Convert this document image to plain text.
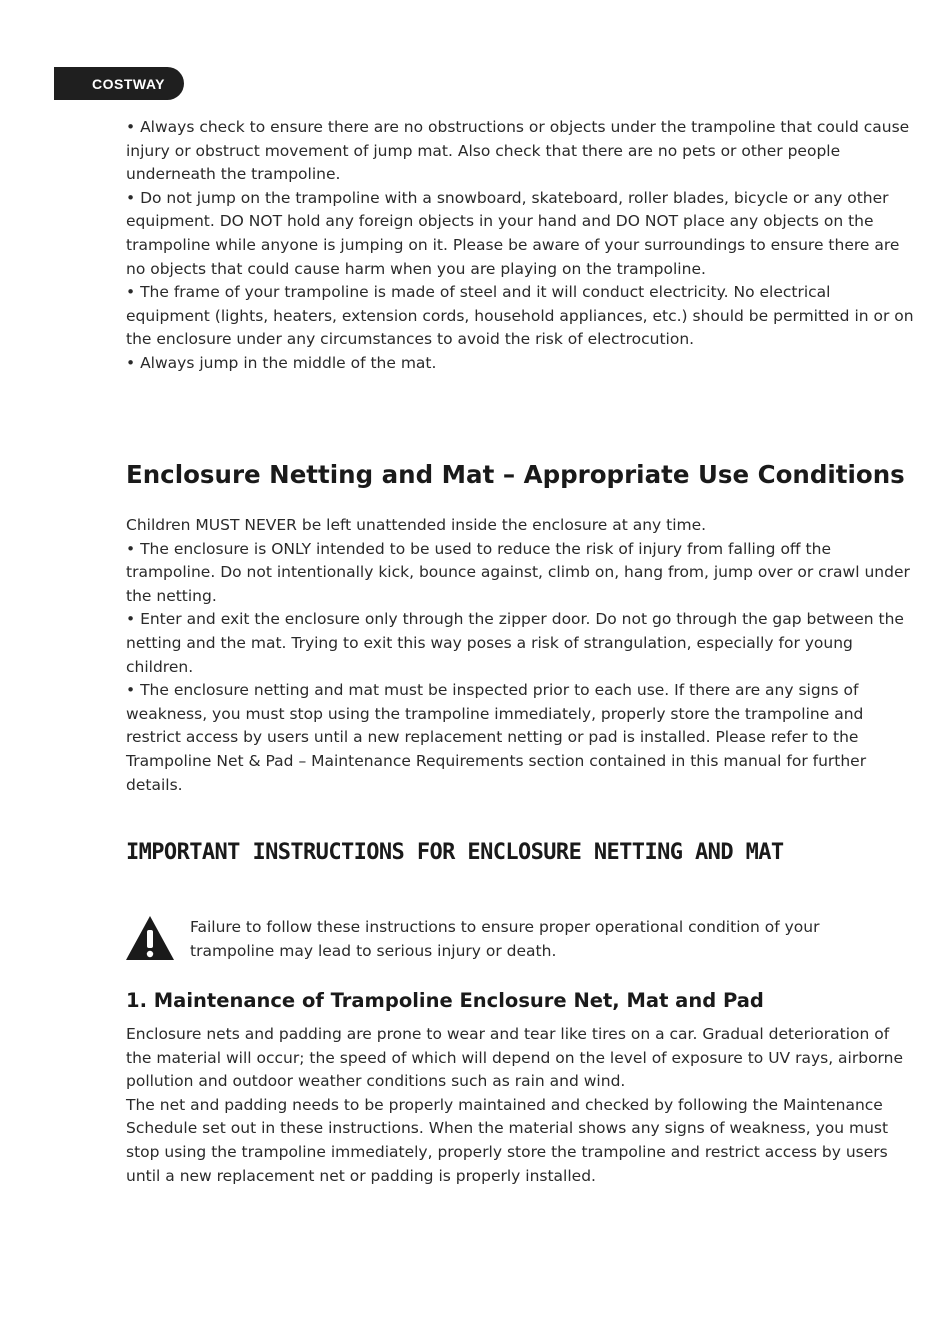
COSTWAY

• Always check to ensure there are no obstructions or objects under the trampoline that could cause injury or obstruct movement of jump mat. Also check that there are no pets or other people underneath the trampoline.

• Do not jump on the trampoline with a snowboard, skateboard, roller blades, bicycle or any other equipment. DO NOT hold any foreign objects in your hand and DO NOT place any objects on the trampoline while anyone is jumping on it. Please be aware of your surroundings to ensure there are no objects that could cause harm when you are playing on the trampoline.

• The frame of your trampoline is made of steel and it will conduct electricity. No electrical equipment (lights, heaters, extension cords, household appliances, etc.) should be permitted in or on the enclosure under any circumstances to avoid the risk of electrocution.

• Always jump in the middle of the mat.

Enclosure Netting and Mat – Appropriate Use Conditions

Children MUST NEVER be left unattended inside the enclosure at any time.

• The enclosure is ONLY intended to be used to reduce the risk of injury from falling off the trampoline. Do not intentionally kick, bounce against, climb on, hang from, jump over or crawl under the netting.

• Enter and exit the enclosure only through the zipper door. Do not go through the gap between the netting and the mat. Trying to exit this way poses a risk of strangulation, especially for young children.

• The enclosure netting and mat must be inspected prior to each use. If there are any signs of weakness, you must stop using the trampoline immediately, properly store the trampoline and restrict access by users until a new replacement netting or pad is installed. Please refer to the Trampoline Net & Pad – Maintenance Requirements section contained in this manual for further details.

IMPORTANT INSTRUCTIONS FOR ENCLOSURE NETTING AND MAT

Failure to follow these instructions to ensure proper operational condition of your trampoline may lead to serious injury or death.

1. Maintenance of Trampoline Enclosure Net, Mat and Pad

Enclosure nets and padding are prone to wear and tear like tires on a car. Gradual deterioration of the material will occur; the speed of which will depend on the level of exposure to UV rays, airborne pollution and outdoor weather conditions such as rain and wind.

The net and padding needs to be properly maintained and checked by following the Maintenance Schedule set out in these instructions. When the material shows any signs of weakness, you must stop using the trampoline immediately, properly store the trampoline and restrict access by users until a new replacement net or padding is properly installed.
